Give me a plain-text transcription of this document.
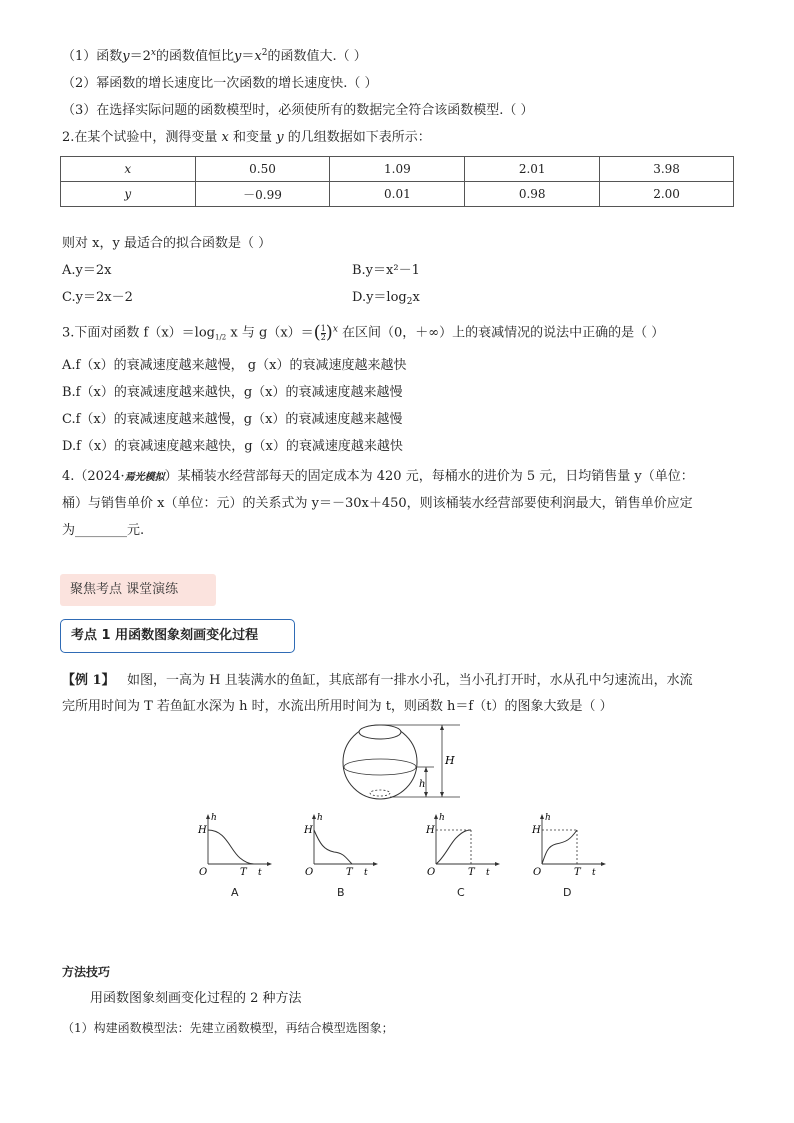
（1）函数$y=2^x$的函数值恒比$y=x^2$的函数值大.（ ）
（2）幂函数的增长速度比一次函数的增长速度快.（ ）
（3）在选择实际问题的函数模型时，必须使所有的数据完全符合该函数模型.（ ）
2.在某个试验中，测得变量 x 和变量 y 的几组数据如下表所示：
x	0.50	1.09	2.01	3.98
y	－0.99	0.01	0.98	2.00
则对 x，y 最适合的拟合函数是（ ）
A.y＝2x	B.y＝x²－1
C.y＝2x－2	$D.y=\log_2x$
3.下面对函数 $f(x)=\log_{1/2}$ x 与 $g(x)=(\frac{1}{2} )^x$ 在区间（0，＋∞）上的衰减情况的说法中正确的是（ ）
A.f（x）的衰减速度越来越慢， g（x）的衰减速度越来越快
B.f（x）的衰减速度越来越快，g（x）的衰减速度越来越慢
C.f（x）的衰减速度越来越慢，g（x）的衰减速度越来越慢
D.f（x）的衰减速度越来越快，g（x）的衰减速度越来越快
4.（2024·焉光模拟）某桶装水经营部每天的固定成本为 420 元，每桶水的进价为 5 元，日均销售量 y（单位：
桶）与销售单价 x（单位：元）的关系式为 y＝－30x＋450，则该桶装水经营部要使利润最大，销售单价应定
为________元.
聚焦考点 课堂演练
考点 1 用函数图象刻画变化过程
【例 1】 如图，一高为 H 且装满水的鱼缸，其底部有一排水小孔，当小孔打开时，水从孔中匀速流出，水流
完所用时间为 T 若鱼缸水深为 h 时，水流出所用时间为 t，则函数 h＝f（t）的图象大致是（ ）
h
H
H
h
O	T t
A
H
h
O	T t
B
H
h
O	T t
C
H
h
O	T t
D
方法技巧
用函数图象刻画变化过程的 2 种方法
（1）构建函数模型法：先建立函数模型，再结合模型选图象；
